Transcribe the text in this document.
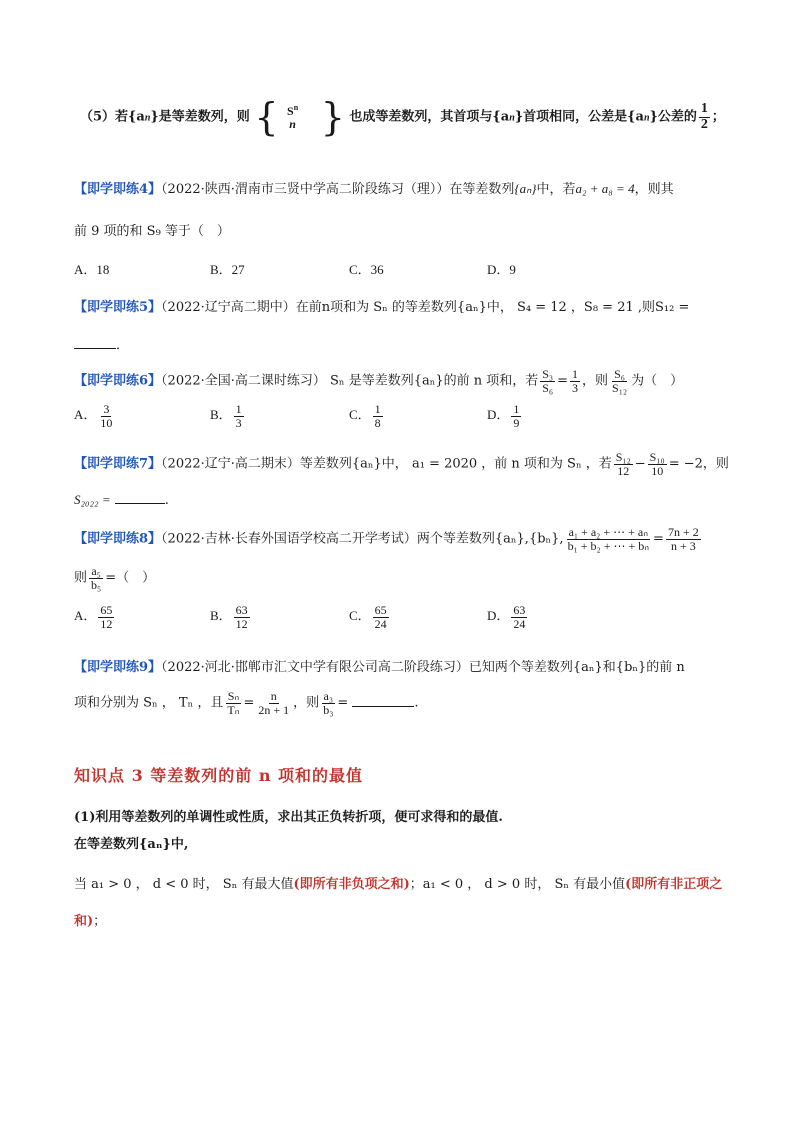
（5）若{an}是等差数列，则 { $S^n$
n } 也成等差数列，其首项与{an}首项相同，公差是{an}公差的 $\frac{1}{2}$ ；
【即学即练4】（2022·陕西·渭南市三贤中学高二阶段练习（理））在等差数列{aₙ}中，若a₂ + a₈ = 4，则其
前 9 项的和 S₉ 等于（　）
A．18	B．27	C．36	D．9
【即学即练5】（2022·辽宁高二期中）在前n项和为 Sₙ 的等差数列{aₙ}中， S₄ = 12 ，S₈ = 21 ,则S₁₂ =
．
【即学即练6】（2022·全国·高二课时练习） Sₙ 是等差数列{aₙ}的前 n 项和，若 $\frac{\text{S₃}}{\text{S₆}} = \frac{1}{3}$ ，则 $\frac{\text{S₆}}{\text{S₁₂}}$ 为（　）
A． $\frac{3}{10}$	B． $\frac{1}{3}$	C． $\frac{1}{8}$	D． $\frac{1}{9}$
【即学即练7】（2022·辽宁·高二期末）等差数列{aₙ}中， a₁ = 2020 ，前 n 项和为 Sₙ ，若 $\frac{\text{S₁₂}}{12} - \frac{\text{S₁₀}}{10} = -2$，则
S₂₀₂₂ =	.
【即学即练8】（2022·吉林·长春外国语学校高二开学考试）两个等差数列{aₙ},{bₙ}, $\frac{\text{a₁ + a₂ + ⋯ + aₙ}}{\text{b₁ + b₂ + ⋯ + bₙ}} = \frac{7n + 2}{n + 3}$
则 $\frac{\text{a₅}}{\text{b₅}}$ =（　）
A． $\frac{65}{12}$	B． $\frac{63}{12}$	C． $\frac{65}{24}$	D． $\frac{63}{24}$
【即学即练9】（2022·河北·邯郸市汇文中学有限公司高二阶段练习）已知两个等差数列{aₙ}和{bₙ}的前 n
项和分别为 Sₙ ， Tₙ ，且 $\frac{\text{Sₙ}}{\text{Tₙ}} = \frac{n}{2n + 1}$ ，则 $\frac{\text{a₃}}{\text{b₃}}$ =	.
知识点 3 等差数列的前 n 项和的最值
(1)利用等差数列的单调性或性质，求出其正负转折项，便可求得和的最值.
在等差数列{aₙ}中,
当 a₁ > 0 ， d < 0 时， Sₙ 有最大值(即所有非负项之和)；a₁ < 0 ， d > 0 时， Sₙ 有最小值(即所有非正项之
和)；
